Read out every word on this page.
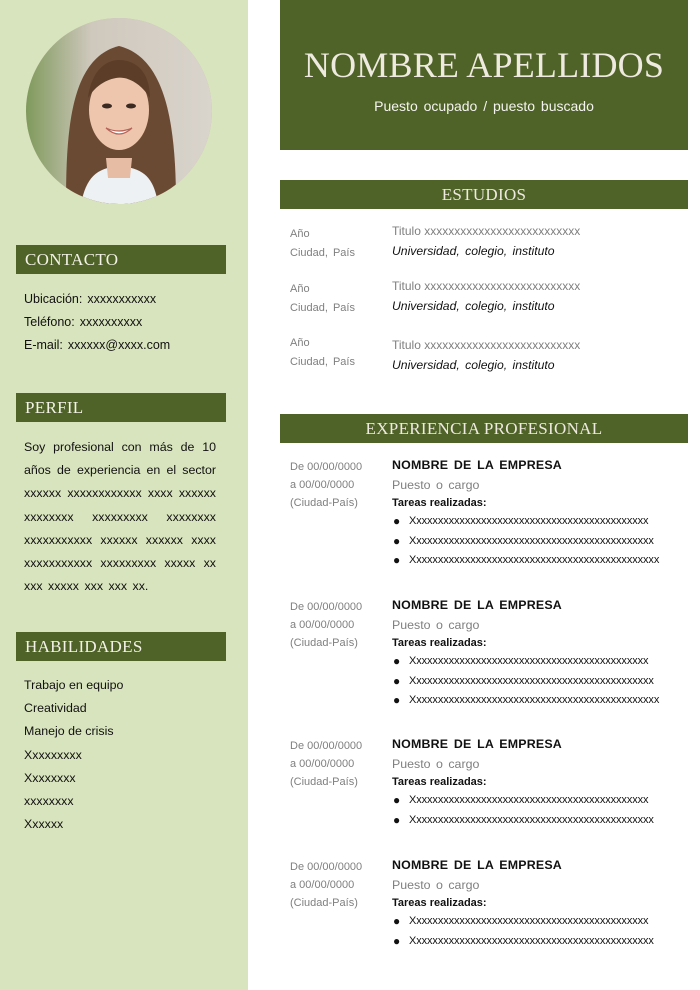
CONTACTO
Ubicación: xxxxxxxxxxx
Teléfono: xxxxxxxxxx
E-mail: xxxxxx@xxxx.com
PERFIL
Soy profesional con más de 10 años de experiencia en el sector xxxxxx xxxxxxxxxxxx xxxx xxxxxx xxxxxxxx xxxxxxxxx xxxxxxxx xxxxxxxxxxx xxxxxx xxxxxx xxxx xxxxxxxxxxx xxxxxxxxx xxxxx xx xxx xxxxx xxx xxx xx.
HABILIDADES
Trabajo en equipo
Creatividad
Manejo de crisis
Xxxxxxxxx
Xxxxxxxx
xxxxxxxx
Xxxxxx
NOMBRE APELLIDOS
Puesto ocupado / puesto buscado
ESTUDIOS
Año
Ciudad, País
Titulo xxxxxxxxxxxxxxxxxxxxxxxxxx
Universidad, colegio, instituto
Año
Ciudad, País
Titulo xxxxxxxxxxxxxxxxxxxxxxxxxx
Universidad, colegio, instituto
Año
Ciudad, País
Titulo xxxxxxxxxxxxxxxxxxxxxxxxxx
Universidad, colegio, instituto
EXPERIENCIA PROFESIONAL
De 00/00/0000
a 00/00/0000
(Ciudad-País)
NOMBRE DE LA EMPRESA
Puesto o cargo
Tareas realizadas:
● Xxxxxxxxxxxxxxxxxxxxxxxxxxxxxxxxxxxxxxxxxxxx
● Xxxxxxxxxxxxxxxxxxxxxxxxxxxxxxxxxxxxxxxxxxxxx
● Xxxxxxxxxxxxxxxxxxxxxxxxxxxxxxxxxxxxxxxxxxxxxx
De 00/00/0000
a 00/00/0000
(Ciudad-País)
NOMBRE DE LA EMPRESA
Puesto o cargo
Tareas realizadas:
● Xxxxxxxxxxxxxxxxxxxxxxxxxxxxxxxxxxxxxxxxxxxx
● Xxxxxxxxxxxxxxxxxxxxxxxxxxxxxxxxxxxxxxxxxxxxx
● Xxxxxxxxxxxxxxxxxxxxxxxxxxxxxxxxxxxxxxxxxxxxxx
De 00/00/0000
a 00/00/0000
(Ciudad-País)
NOMBRE DE LA EMPRESA
Puesto o cargo
Tareas realizadas:
● Xxxxxxxxxxxxxxxxxxxxxxxxxxxxxxxxxxxxxxxxxxxx
● Xxxxxxxxxxxxxxxxxxxxxxxxxxxxxxxxxxxxxxxxxxxxx
De 00/00/0000
a 00/00/0000
(Ciudad-País)
NOMBRE DE LA EMPRESA
Puesto o cargo
Tareas realizadas:
● Xxxxxxxxxxxxxxxxxxxxxxxxxxxxxxxxxxxxxxxxxxxx
● Xxxxxxxxxxxxxxxxxxxxxxxxxxxxxxxxxxxxxxxxxxxxx
